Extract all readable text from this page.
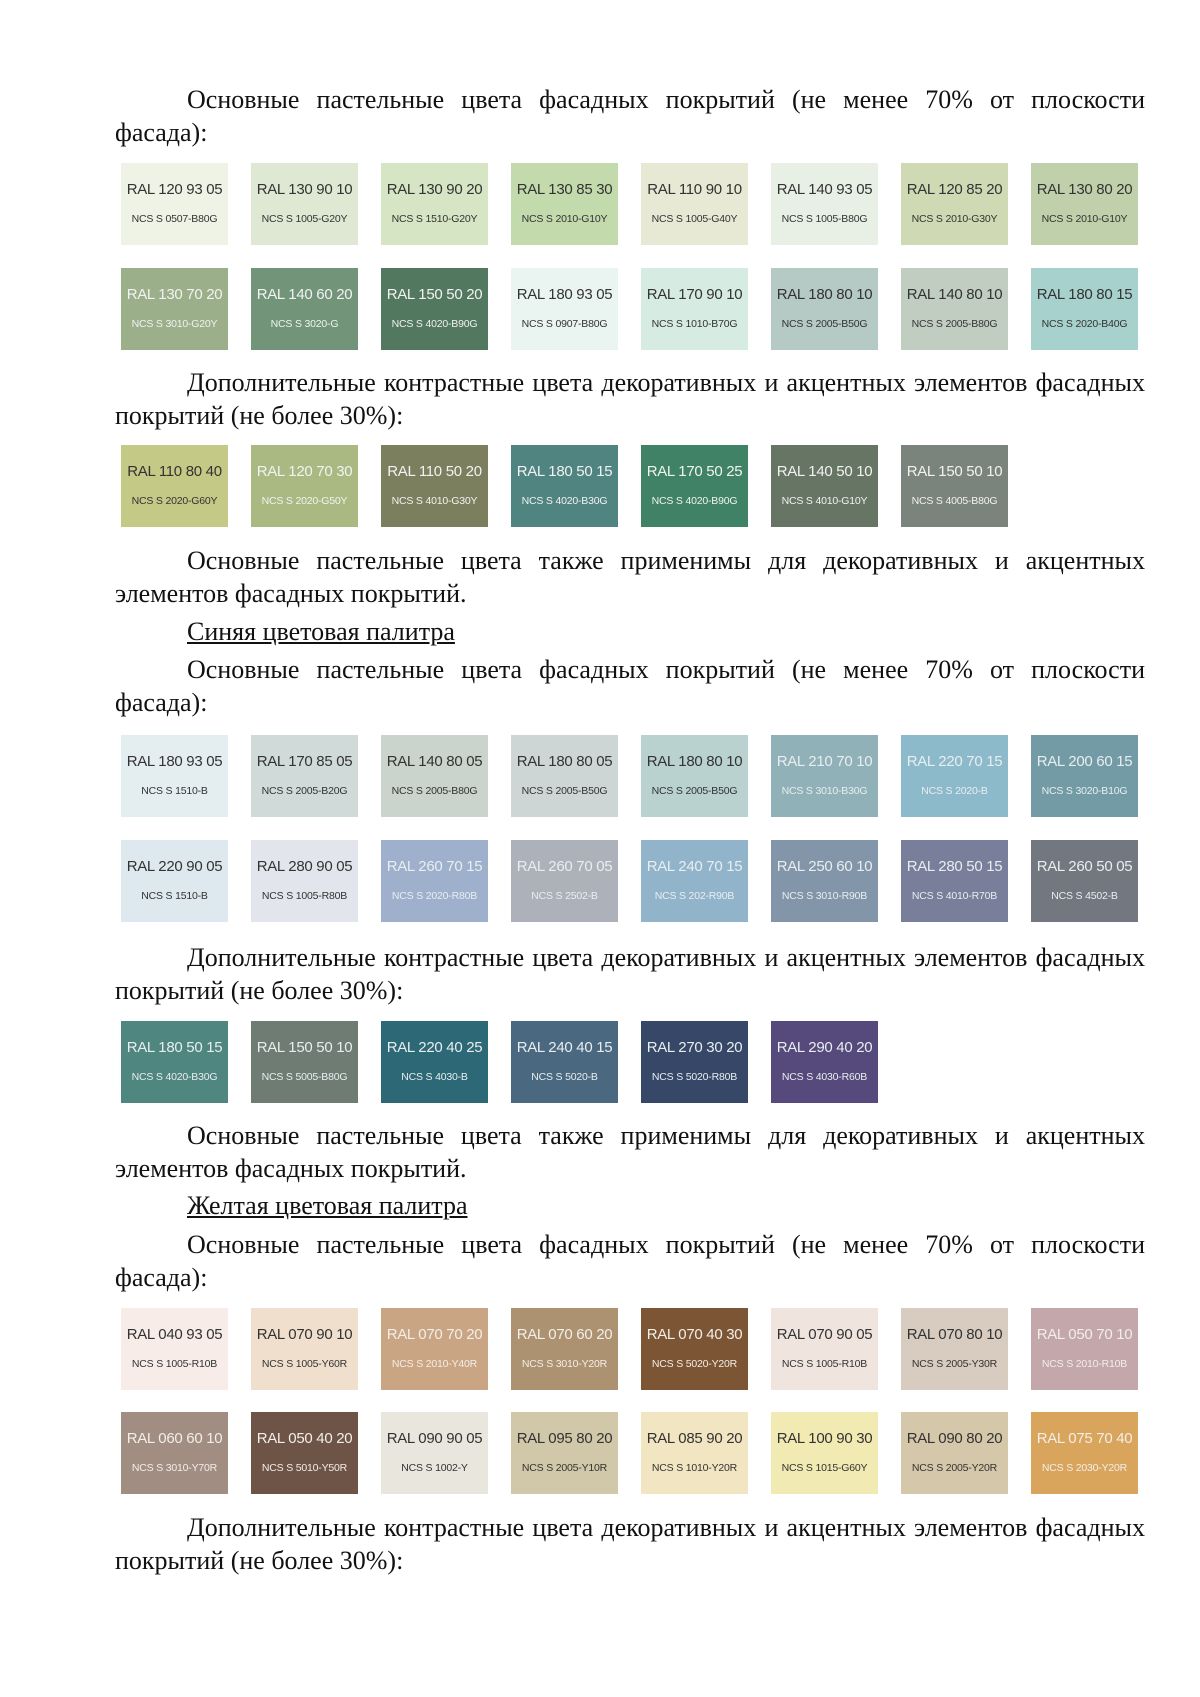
Основные пастельные цвета фасадных покрытий (не менее 70% от плоскости фасада):

RAL 120 93 05
NCS S 0507-B80G
RAL 130 90 10
NCS S 1005-G20Y
RAL 130 90 20
NCS S 1510-G20Y
RAL 130 85 30
NCS S 2010-G10Y
RAL 110 90 10
NCS S 1005-G40Y
RAL 140 93 05
NCS S 1005-B80G
RAL 120 85 20
NCS S 2010-G30Y
RAL 130 80 20
NCS S 2010-G10Y
RAL 130 70 20
NCS S 3010-G20Y
RAL 140 60 20
NCS S 3020-G
RAL 150 50 20
NCS S 4020-B90G
RAL 180 93 05
NCS S 0907-B80G
RAL 170 90 10
NCS S 1010-B70G
RAL 180 80 10
NCS S 2005-B50G
RAL 140 80 10
NCS S 2005-B80G
RAL 180 80 15
NCS S 2020-B40G

Дополнительные контрастные цвета декоративных и акцентных элементов фасадных покрытий (не более 30%):

RAL 110 80 40
NCS S 2020-G60Y
RAL 120 70 30
NCS S 2020-G50Y
RAL 110 50 20
NCS S 4010-G30Y
RAL 180 50 15
NCS S 4020-B30G
RAL 170 50 25
NCS S 4020-B90G
RAL 140 50 10
NCS S 4010-G10Y
RAL 150 50 10
NCS S 4005-B80G

Основные пастельные цвета также применимы для декоративных и акцентных элементов фасадных покрытий.

Синяя цветовая палитра

Основные пастельные цвета фасадных покрытий (не менее 70% от плоскости фасада):

RAL 180 93 05
NCS S 1510-B
RAL 170 85 05
NCS S 2005-B20G
RAL 140 80 05
NCS S 2005-B80G
RAL 180 80 05
NCS S 2005-B50G
RAL 180 80 10
NCS S 2005-B50G
RAL 210 70 10
NCS S 3010-B30G
RAL 220 70 15
NCS S 2020-B
RAL 200 60 15
NCS S 3020-B10G
RAL 220 90 05
NCS S 1510-B
RAL 280 90 05
NCS S 1005-R80B
RAL 260 70 15
NCS S 2020-R80B
RAL 260 70 05
NCS S 2502-B
RAL 240 70 15
NCS S 202-R90B
RAL 250 60 10
NCS S 3010-R90B
RAL 280 50 15
NCS S 4010-R70B
RAL 260 50 05
NCS S 4502-B

Дополнительные контрастные цвета декоративных и акцентных элементов фасадных покрытий (не более 30%):

RAL 180 50 15
NCS S 4020-B30G
RAL 150 50 10
NCS S 5005-B80G
RAL 220 40 25
NCS S 4030-B
RAL 240 40 15
NCS S 5020-B
RAL 270 30 20
NCS S 5020-R80B
RAL 290 40 20
NCS S 4030-R60B

Основные пастельные цвета также применимы для декоративных и акцентных элементов фасадных покрытий.

Желтая цветовая палитра

Основные пастельные цвета фасадных покрытий (не менее 70% от плоскости фасада):

RAL 040 93 05
NCS S 1005-R10B
RAL 070 90 10
NCS S 1005-Y60R
RAL 070 70 20
NCS S 2010-Y40R
RAL 070 60 20
NCS S 3010-Y20R
RAL 070 40 30
NCS S 5020-Y20R
RAL 070 90 05
NCS S 1005-R10B
RAL 070 80 10
NCS S 2005-Y30R
RAL 050 70 10
NCS S 2010-R10B
RAL 060 60 10
NCS S 3010-Y70R
RAL 050 40 20
NCS S 5010-Y50R
RAL 090 90 05
NCS S 1002-Y
RAL 095 80 20
NCS S 2005-Y10R
RAL 085 90 20
NCS S 1010-Y20R
RAL 100 90 30
NCS S 1015-G60Y
RAL 090 80 20
NCS S 2005-Y20R
RAL 075 70 40
NCS S 2030-Y20R

Дополнительные контрастные цвета декоративных и акцентных элементов фасадных покрытий (не более 30%):
